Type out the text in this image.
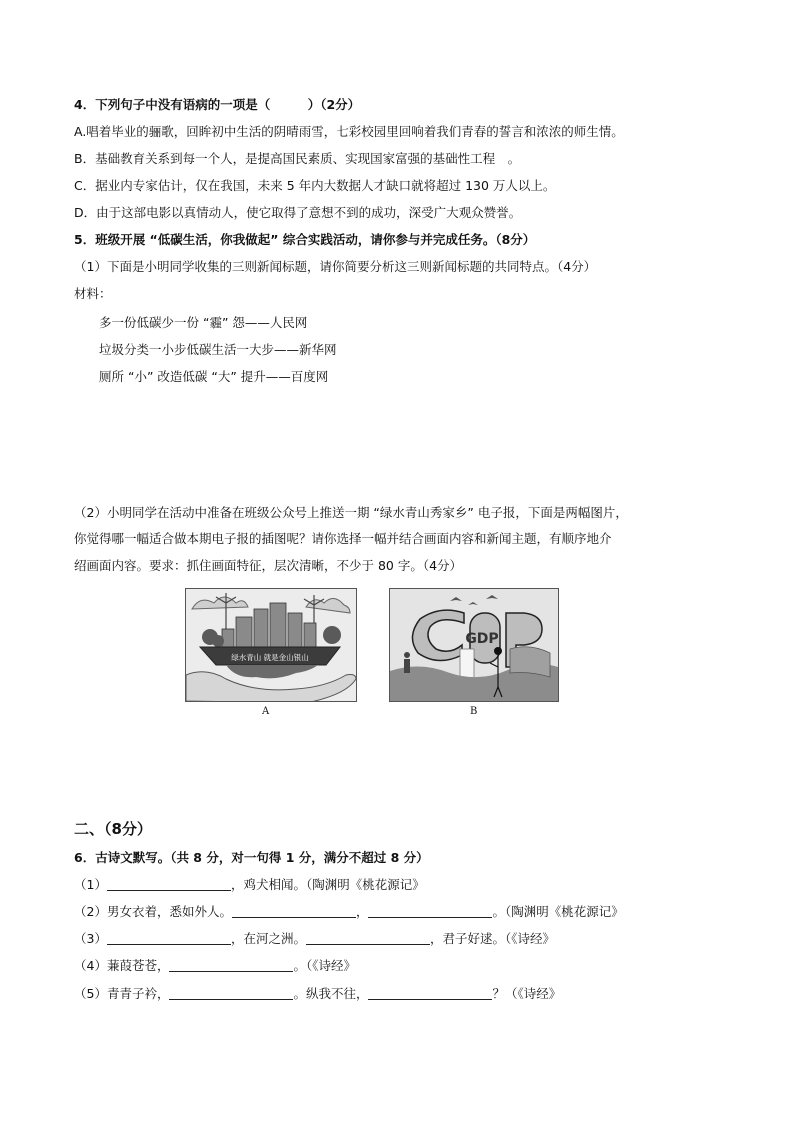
4．下列句子中没有语病的一项是（　　　）（2分）
A.唱着毕业的骊歌，回眸初中生活的阴晴雨雪，七彩校园里回响着我们青春的誓言和浓浓的师生情。
B．基础教育关系到每一个人，是提高国民素质、实现国家富强的基础性工程　。
C．据业内专家估计，仅在我国，未来 5 年内大数据人才缺口就将超过 130 万人以上。
D．由于这部电影以真情动人，使它取得了意想不到的成功，深受广大观众赞誉。
5．班级开展 “低碳生活，你我做起” 综合实践活动，请你参与并完成任务。（8分）
（1）下面是小明同学收集的三则新闻标题，请你简要分析这三则新闻标题的共同特点。（4分）
材料：
多一份低碳少一份 “霾” 怨——人民网
垃圾分类一小步低碳生活一大步——新华网
厕所 “小” 改造低碳 “大” 提升——百度网
（2）小明同学在活动中准备在班级公众号上推送一期 “绿水青山秀家乡” 电子报，下面是两幅图片，
你觉得哪一幅适合做本期电子报的插图呢？请你选择一幅并结合画面内容和新闻主题，有顺序地介
绍画面内容。要求：抓住画面特征，层次清晰，不少于 80 字。（4分）
绿水青山 就是金山银山
A
GDP
B
二、（8分）
6．古诗文默写。（共 8 分，对一句得 1 分，满分不超过 8 分）
（1）	，鸡犬相闻。（陶渊明《桃花源记》
（2）男女衣着，悉如外人。	，	。（陶渊明《桃花源记》
（3）	，在河之洲。	，君子好逑。（《诗经》
（4）蒹葭苍苍，	。（《诗经》
（5）青青子衿，	。纵我不往，	？（《诗经》
